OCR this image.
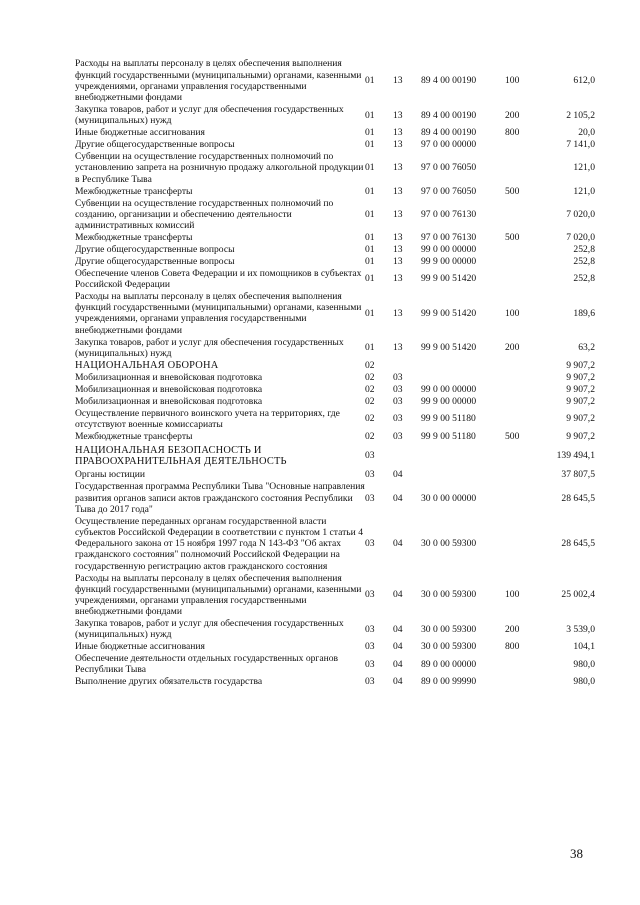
Расходы на выплаты персоналу в целях обеспечения выполнения функций государственными (муниципальными) органами, казенными учреждениями, органами управления государственными внебюджетными фондами	01	13	89 4 00 00190	100	612,0
Закупка товаров, работ и услуг для обеспечения государственных (муниципальных) нужд	01	13	89 4 00 00190	200	2 105,2
Иные бюджетные ассигнования	01	13	89 4 00 00190	800	20,0
Другие общегосударственные вопросы	01	13	97 0 00 00000		7 141,0
Субвенции на осуществление государственных полномочий по установлению запрета на розничную продажу алкогольной продукции в Республике Тыва	01	13	97 0 00 76050		121,0
Межбюджетные трансферты	01	13	97 0 00 76050	500	121,0
Субвенции на осуществление государственных полномочий по созданию, организации и обеспечению деятельности административных комиссий	01	13	97 0 00 76130		7 020,0
Межбюджетные трансферты	01	13	97 0 00 76130	500	7 020,0
Другие общегосударственные вопросы	01	13	99 0 00 00000		252,8
Другие общегосударственные вопросы	01	13	99 9 00 00000		252,8
Обеспечение членов Совета Федерации и их помощников в субъектах Российской Федерации	01	13	99 9 00 51420		252,8
Расходы на выплаты персоналу в целях обеспечения выполнения функций государственными (муниципальными) органами, казенными учреждениями, органами управления государственными внебюджетными фондами	01	13	99 9 00 51420	100	189,6
Закупка товаров, работ и услуг для обеспечения государственных (муниципальных) нужд	01	13	99 9 00 51420	200	63,2
НАЦИОНАЛЬНАЯ ОБОРОНА	02				9 907,2
Мобилизационная и вневойсковая подготовка	02	03			9 907,2
Мобилизационная и вневойсковая подготовка	02	03	99 0 00 00000		9 907,2
Мобилизационная и вневойсковая подготовка	02	03	99 9 00 00000		9 907,2
Осуществление первичного воинского учета на территориях, где отсутствуют военные комиссариаты	02	03	99 9 00 51180		9 907,2
Межбюджетные трансферты	02	03	99 9 00 51180	500	9 907,2
НАЦИОНАЛЬНАЯ БЕЗОПАСНОСТЬ И ПРАВООХРАНИТЕЛЬНАЯ ДЕЯТЕЛЬНОСТЬ	03				139 494,1
Органы юстиции	03	04			37 807,5
Государственная программа Республики Тыва "Основные направления развития органов записи актов гражданского состояния Республики Тыва до 2017 года"	03	04	30 0 00 00000		28 645,5
Осуществление переданных органам государственной власти субъектов Российской Федерации в соответствии с пунктом 1 статьи 4 Федерального закона от 15 ноября 1997 года N 143-ФЗ "Об актах гражданского состояния" полномочий Российской Федерации на государственную регистрацию актов гражданского состояния	03	04	30 0 00 59300		28 645,5
Расходы на выплаты персоналу в целях обеспечения выполнения функций государственными (муниципальными) органами, казенными учреждениями, органами управления государственными внебюджетными фондами	03	04	30 0 00 59300	100	25 002,4
Закупка товаров, работ и услуг для обеспечения государственных (муниципальных) нужд	03	04	30 0 00 59300	200	3 539,0
Иные бюджетные ассигнования	03	04	30 0 00 59300	800	104,1
Обеспечение деятельности отдельных государственных органов Республики Тыва	03	04	89 0 00 00000		980,0
Выполнение других обязательств государства	03	04	89 0 00 99990		980,0
38
